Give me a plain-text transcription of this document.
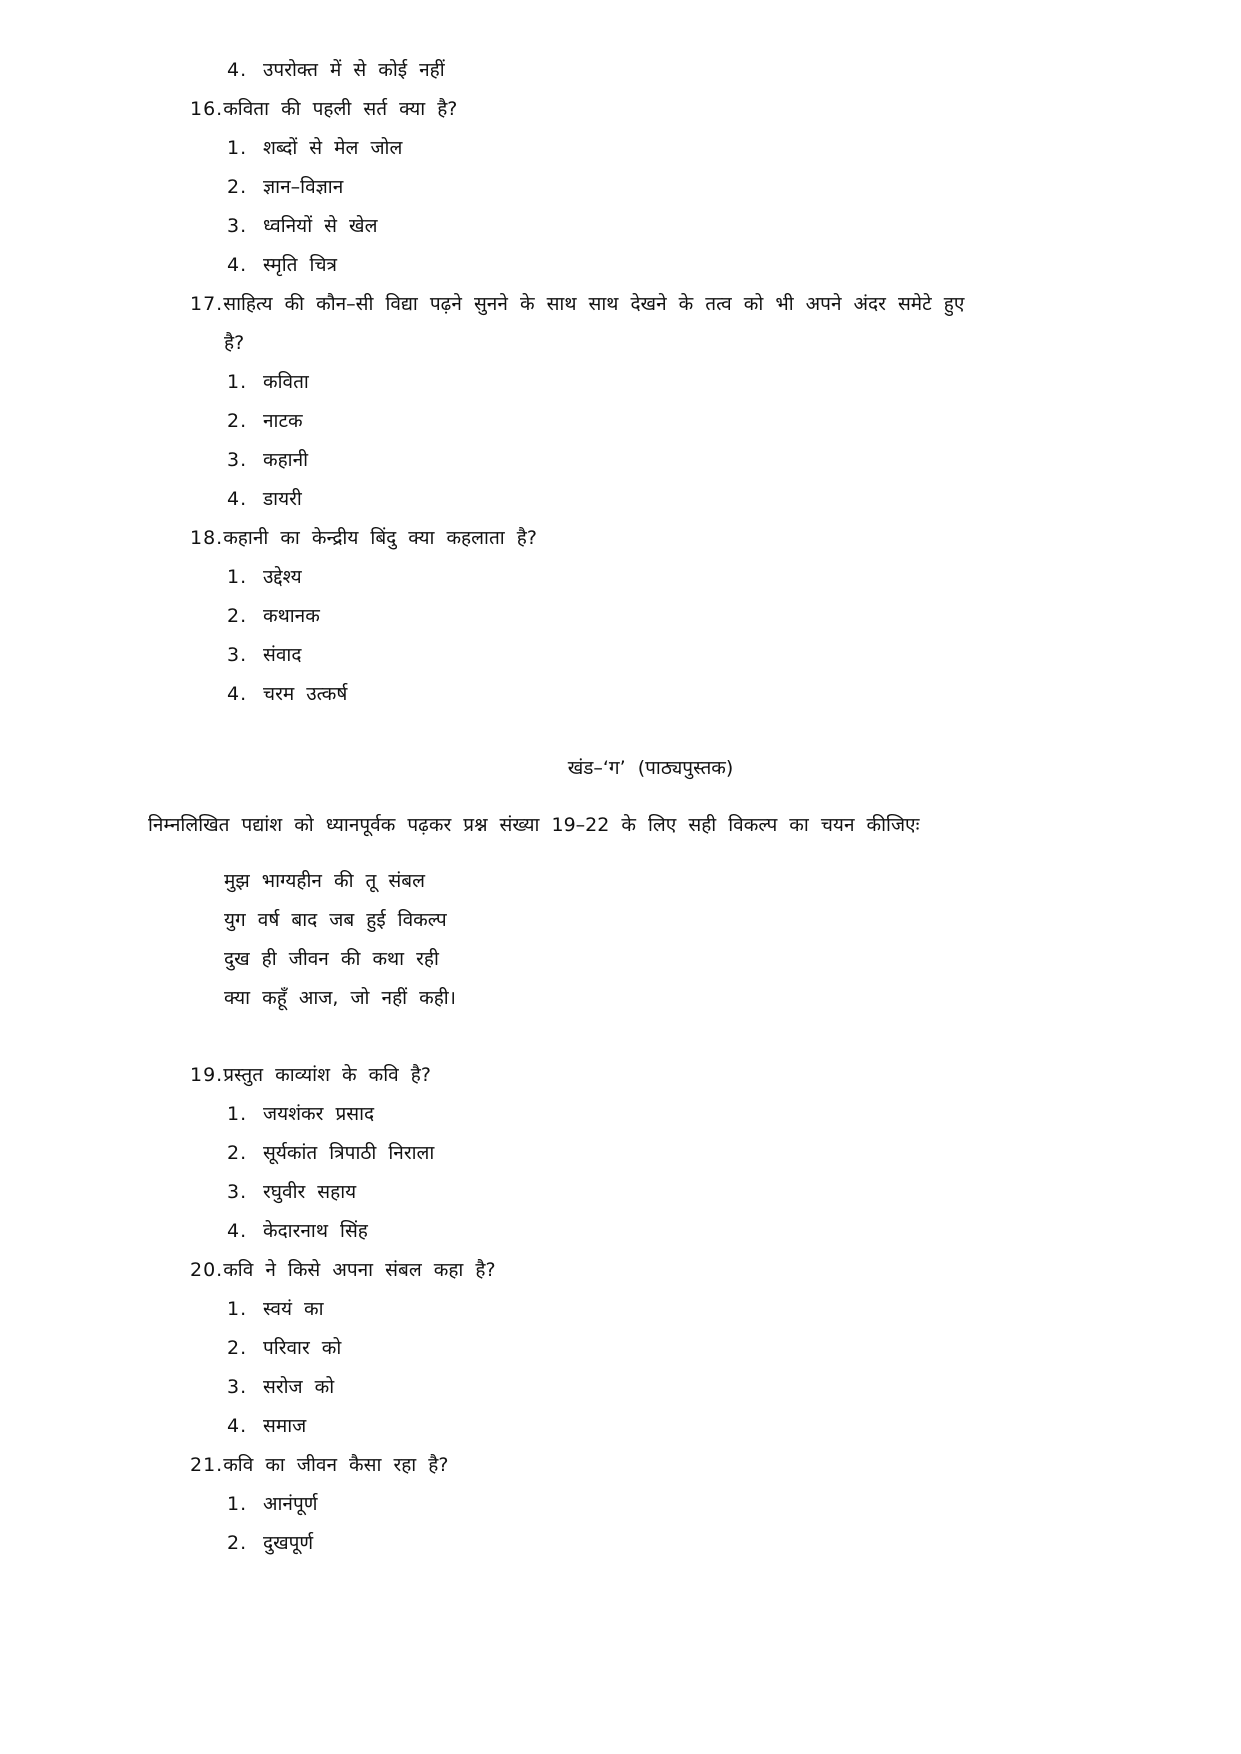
4. उपरोक्त में से कोई नहीं
16.कविता की पहली सर्त क्या है?
1. शब्दों से मेल जोल
2. ज्ञान–विज्ञान
3. ध्वनियों से खेल
4. स्मृति चित्र
17.साहित्य की कौन–सी विद्या पढ़ने सुनने के साथ साथ देखने के तत्व को भी अपने अंदर समेटे हुए
है?
1. कविता
2. नाटक
3. कहानी
4. डायरी
18.कहानी का केन्द्रीय बिंदु क्या कहलाता है?
1. उद्देश्य
2. कथानक
3. संवाद
4. चरम उत्कर्ष
खंड–‘ग’ (पाठ्यपुस्तक)
निम्नलिखित पद्यांश को ध्यानपूर्वक पढ़कर प्रश्न संख्या 19–22 के लिए सही विकल्प का चयन कीजिएः
मुझ भाग्यहीन की तू संबल
युग वर्ष बाद जब हुई विकल्प
दुख ही जीवन की कथा रही
क्या कहूँ आज, जो नहीं कही।
19.प्रस्तुत काव्यांश के कवि है?
1. जयशंकर प्रसाद
2. सूर्यकांत त्रिपाठी निराला
3. रघुवीर सहाय
4. केदारनाथ सिंह
20.कवि ने किसे अपना संबल कहा है?
1. स्वयं का
2. परिवार को
3. सरोज को
4. समाज
21.कवि का जीवन कैसा रहा है?
1. आनंपूर्ण
2. दुखपूर्ण
